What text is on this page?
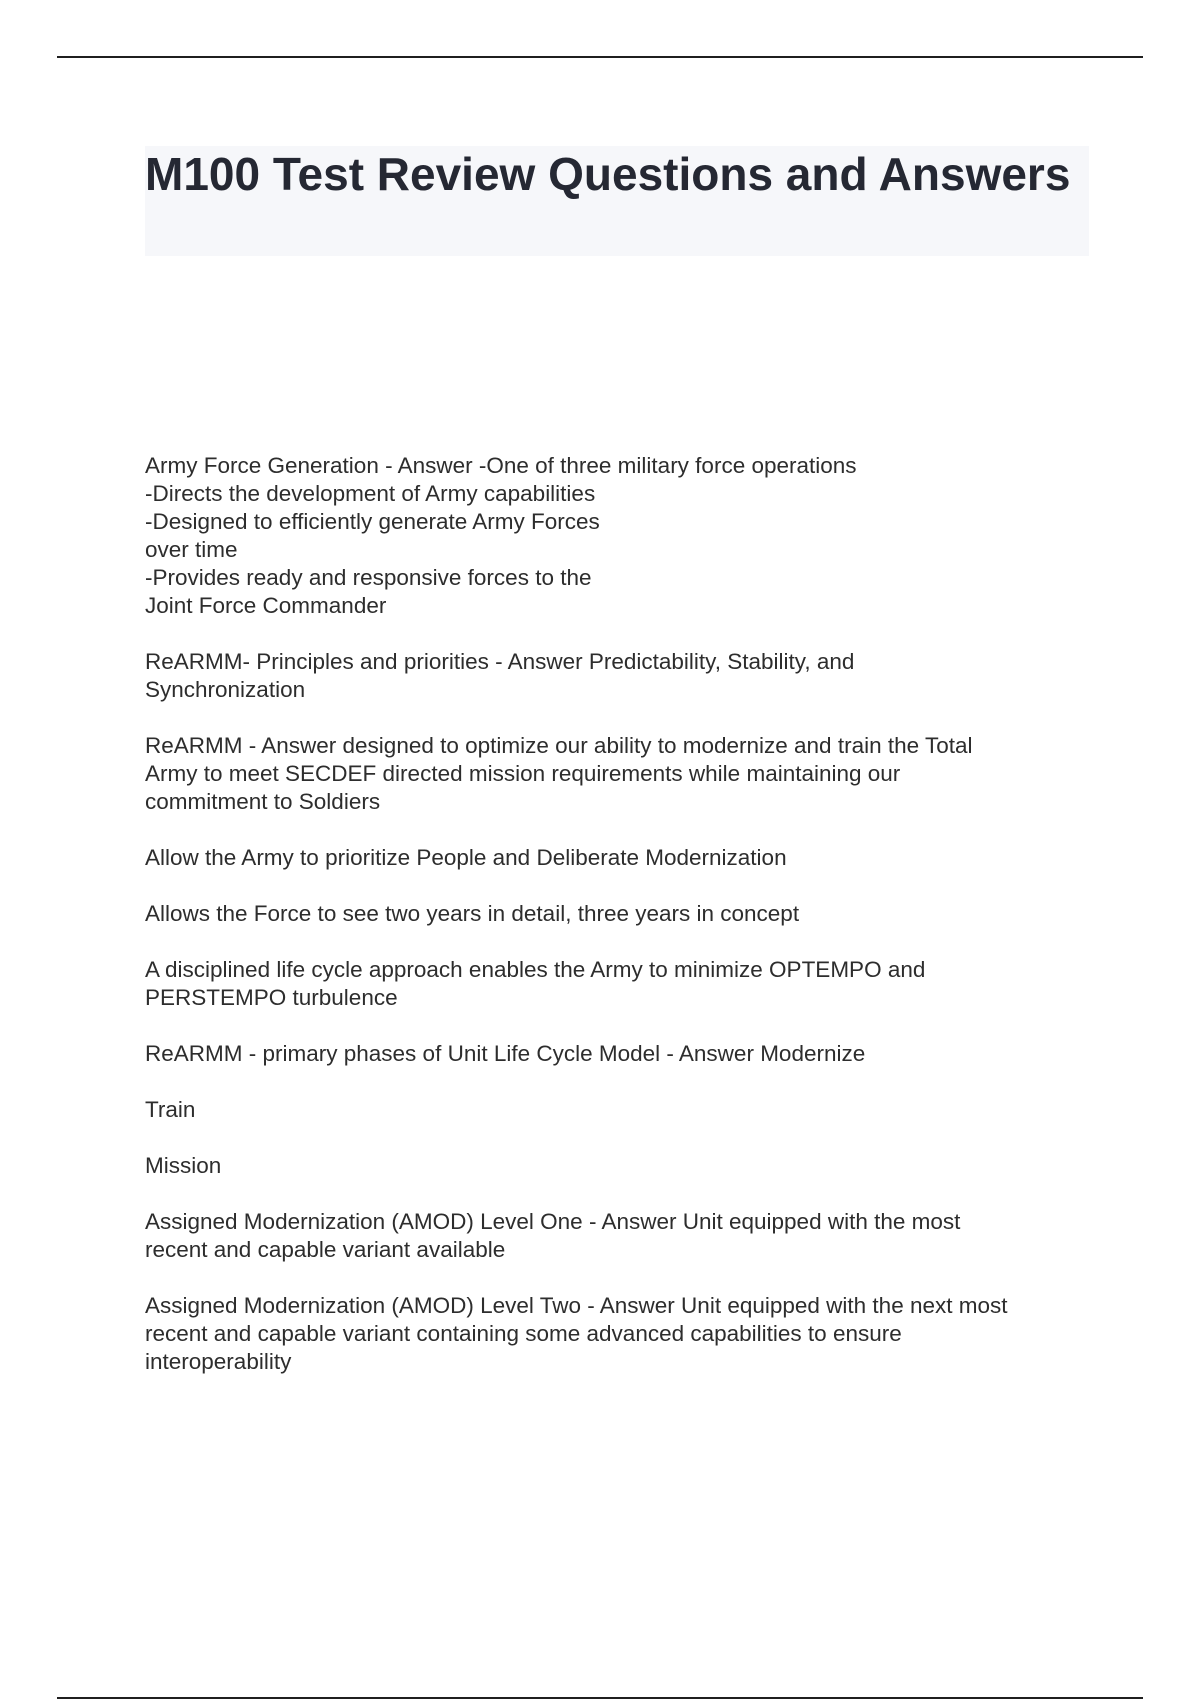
M100 Test Review Questions and Answers

Army Force Generation - Answer -One of three military force operations
-Directs the development of Army capabilities
-Designed to efficiently generate Army Forces
over time
-Provides ready and responsive forces to the
Joint Force Commander

ReARMM- Principles and priorities - Answer Predictability, Stability, and
Synchronization

ReARMM - Answer designed to optimize our ability to modernize and train the Total
Army to meet SECDEF directed mission requirements while maintaining our
commitment to Soldiers

Allow the Army to prioritize People and Deliberate Modernization

Allows the Force to see two years in detail, three years in concept

A disciplined life cycle approach enables the Army to minimize OPTEMPO and
PERSTEMPO turbulence

ReARMM - primary phases of Unit Life Cycle Model - Answer Modernize

Train

Mission

Assigned Modernization (AMOD) Level One - Answer Unit equipped with the most
recent and capable variant available

Assigned Modernization (AMOD) Level Two - Answer Unit equipped with the next most
recent and capable variant containing some advanced capabilities to ensure
interoperability
